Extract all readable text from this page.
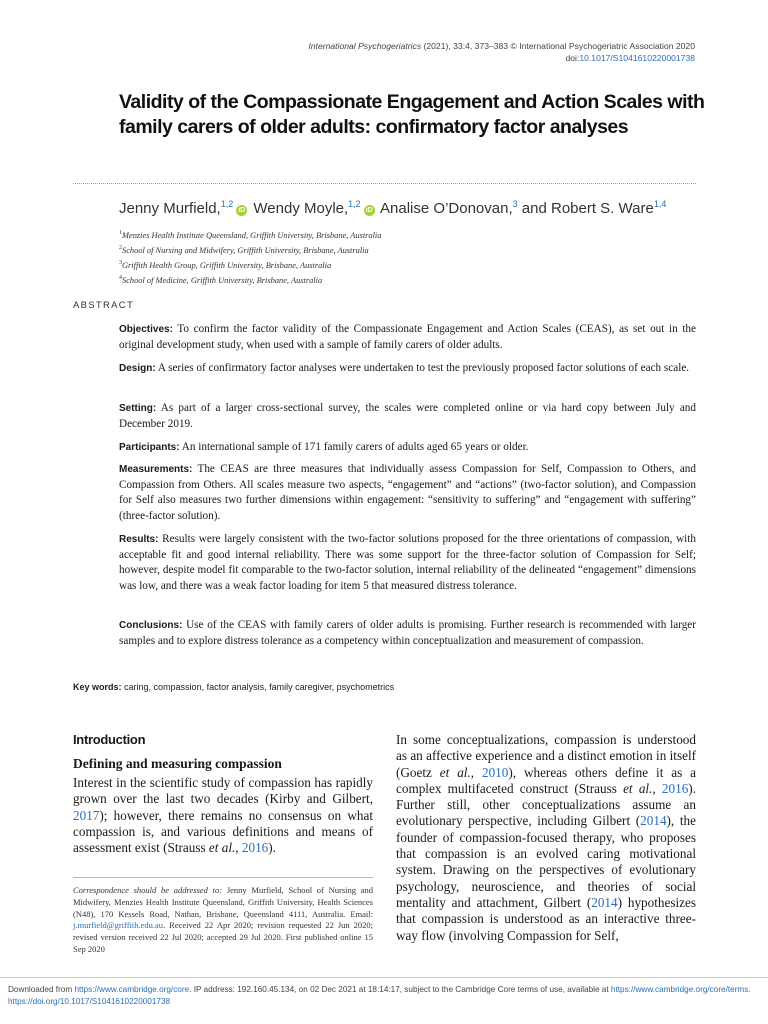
International Psychogeriatrics (2021), 33:4, 373–383 © International Psychogeriatric Association 2020
doi:10.1017/S1041610220001738
Validity of the Compassionate Engagement and Action Scales with family carers of older adults: confirmatory factor analyses
Jenny Murfield,$^{1,2}$iD Wendy Moyle,$^{1,2}$iD Analise O’Donovan,$^3$ and Robert S. Ware$^{1,4}$
$^1$Menzies Health Institute Queensland, Griffith University, Brisbane, Australia
$^2$School of Nursing and Midwifery, Griffith University, Brisbane, Australia
$^3$Griffith Health Group, Griffith University, Brisbane, Australia
$^4$School of Medicine, Griffith University, Brisbane, Australia
ABSTRACT
Objectives: To confirm the factor validity of the Compassionate Engagement and Action Scales (CEAS), as set out in the original development study, when used with a sample of family carers of older adults.
Design: A series of confirmatory factor analyses were undertaken to test the previously proposed factor solutions of each scale.
Setting: As part of a larger cross-sectional survey, the scales were completed online or via hard copy between July and December 2019.
Participants: An international sample of 171 family carers of adults aged 65 years or older.
Measurements: The CEAS are three measures that individually assess Compassion for Self, Compassion to Others, and Compassion from Others. All scales measure two aspects, “engagement” and “actions” (two-factor solution), and Compassion for Self also measures two further dimensions within engagement: “sensitivity to suffering” and “engagement with suffering” (three-factor solution).
Results: Results were largely consistent with the two-factor solutions proposed for the three orientations of compassion, with acceptable fit and good internal reliability. There was some support for the three-factor solution of Compassion for Self; however, despite model fit comparable to the two-factor solution, internal reliability of the delineated “engagement” dimensions was low, and there was a weak factor loading for item 5 that measured distress tolerance.
Conclusions: Use of the CEAS with family carers of older adults is promising. Further research is recommended with larger samples and to explore distress tolerance as a competency within conceptualization and measurement of compassion.
Key words: caring, compassion, factor analysis, family caregiver, psychometrics
Introduction
Defining and measuring compassion
Interest in the scientific study of compassion has rapidly grown over the last two decades (Kirby and Gilbert, 2017); however, there remains no consensus on what compassion is, and various definitions and means of assessment exist (Strauss et al., 2016).
Correspondence should be addressed to: Jenny Murfield, School of Nursing and Midwifery, Menzies Health Institute Queensland, Griffith University, Health Sciences (N48), 170 Kessels Road, Nathan, Brisbane, Queensland 4111, Australia. Email: j.murfield@griffith.edu.au. Received 22 Apr 2020; revision requested 22 Jun 2020; revised version received 22 Jul 2020; accepted 29 Jul 2020. First published online 15 Sep 2020
In some conceptualizations, compassion is understood as an affective experience and a distinct emotion in itself (Goetz et al., 2010), whereas others define it as a complex multifaceted construct (Strauss et al., 2016). Further still, other conceptualizations assume an evolutionary perspective, including Gilbert (2014), the founder of compassion-focused therapy, who proposes that compassion is an evolved caring motivational system. Drawing on the perspectives of evolutionary psychology, neuroscience, and theories of social mentality and attachment, Gilbert (2014) hypothesizes that compassion is understood as an interactive three-way flow (involving Compassion for Self,
Downloaded from https://www.cambridge.org/core. IP address: 192.160.45.134, on 02 Dec 2021 at 18:14:17, subject to the Cambridge Core terms of use, available at https://www.cambridge.org/core/terms. https://doi.org/10.1017/S1041610220001738
